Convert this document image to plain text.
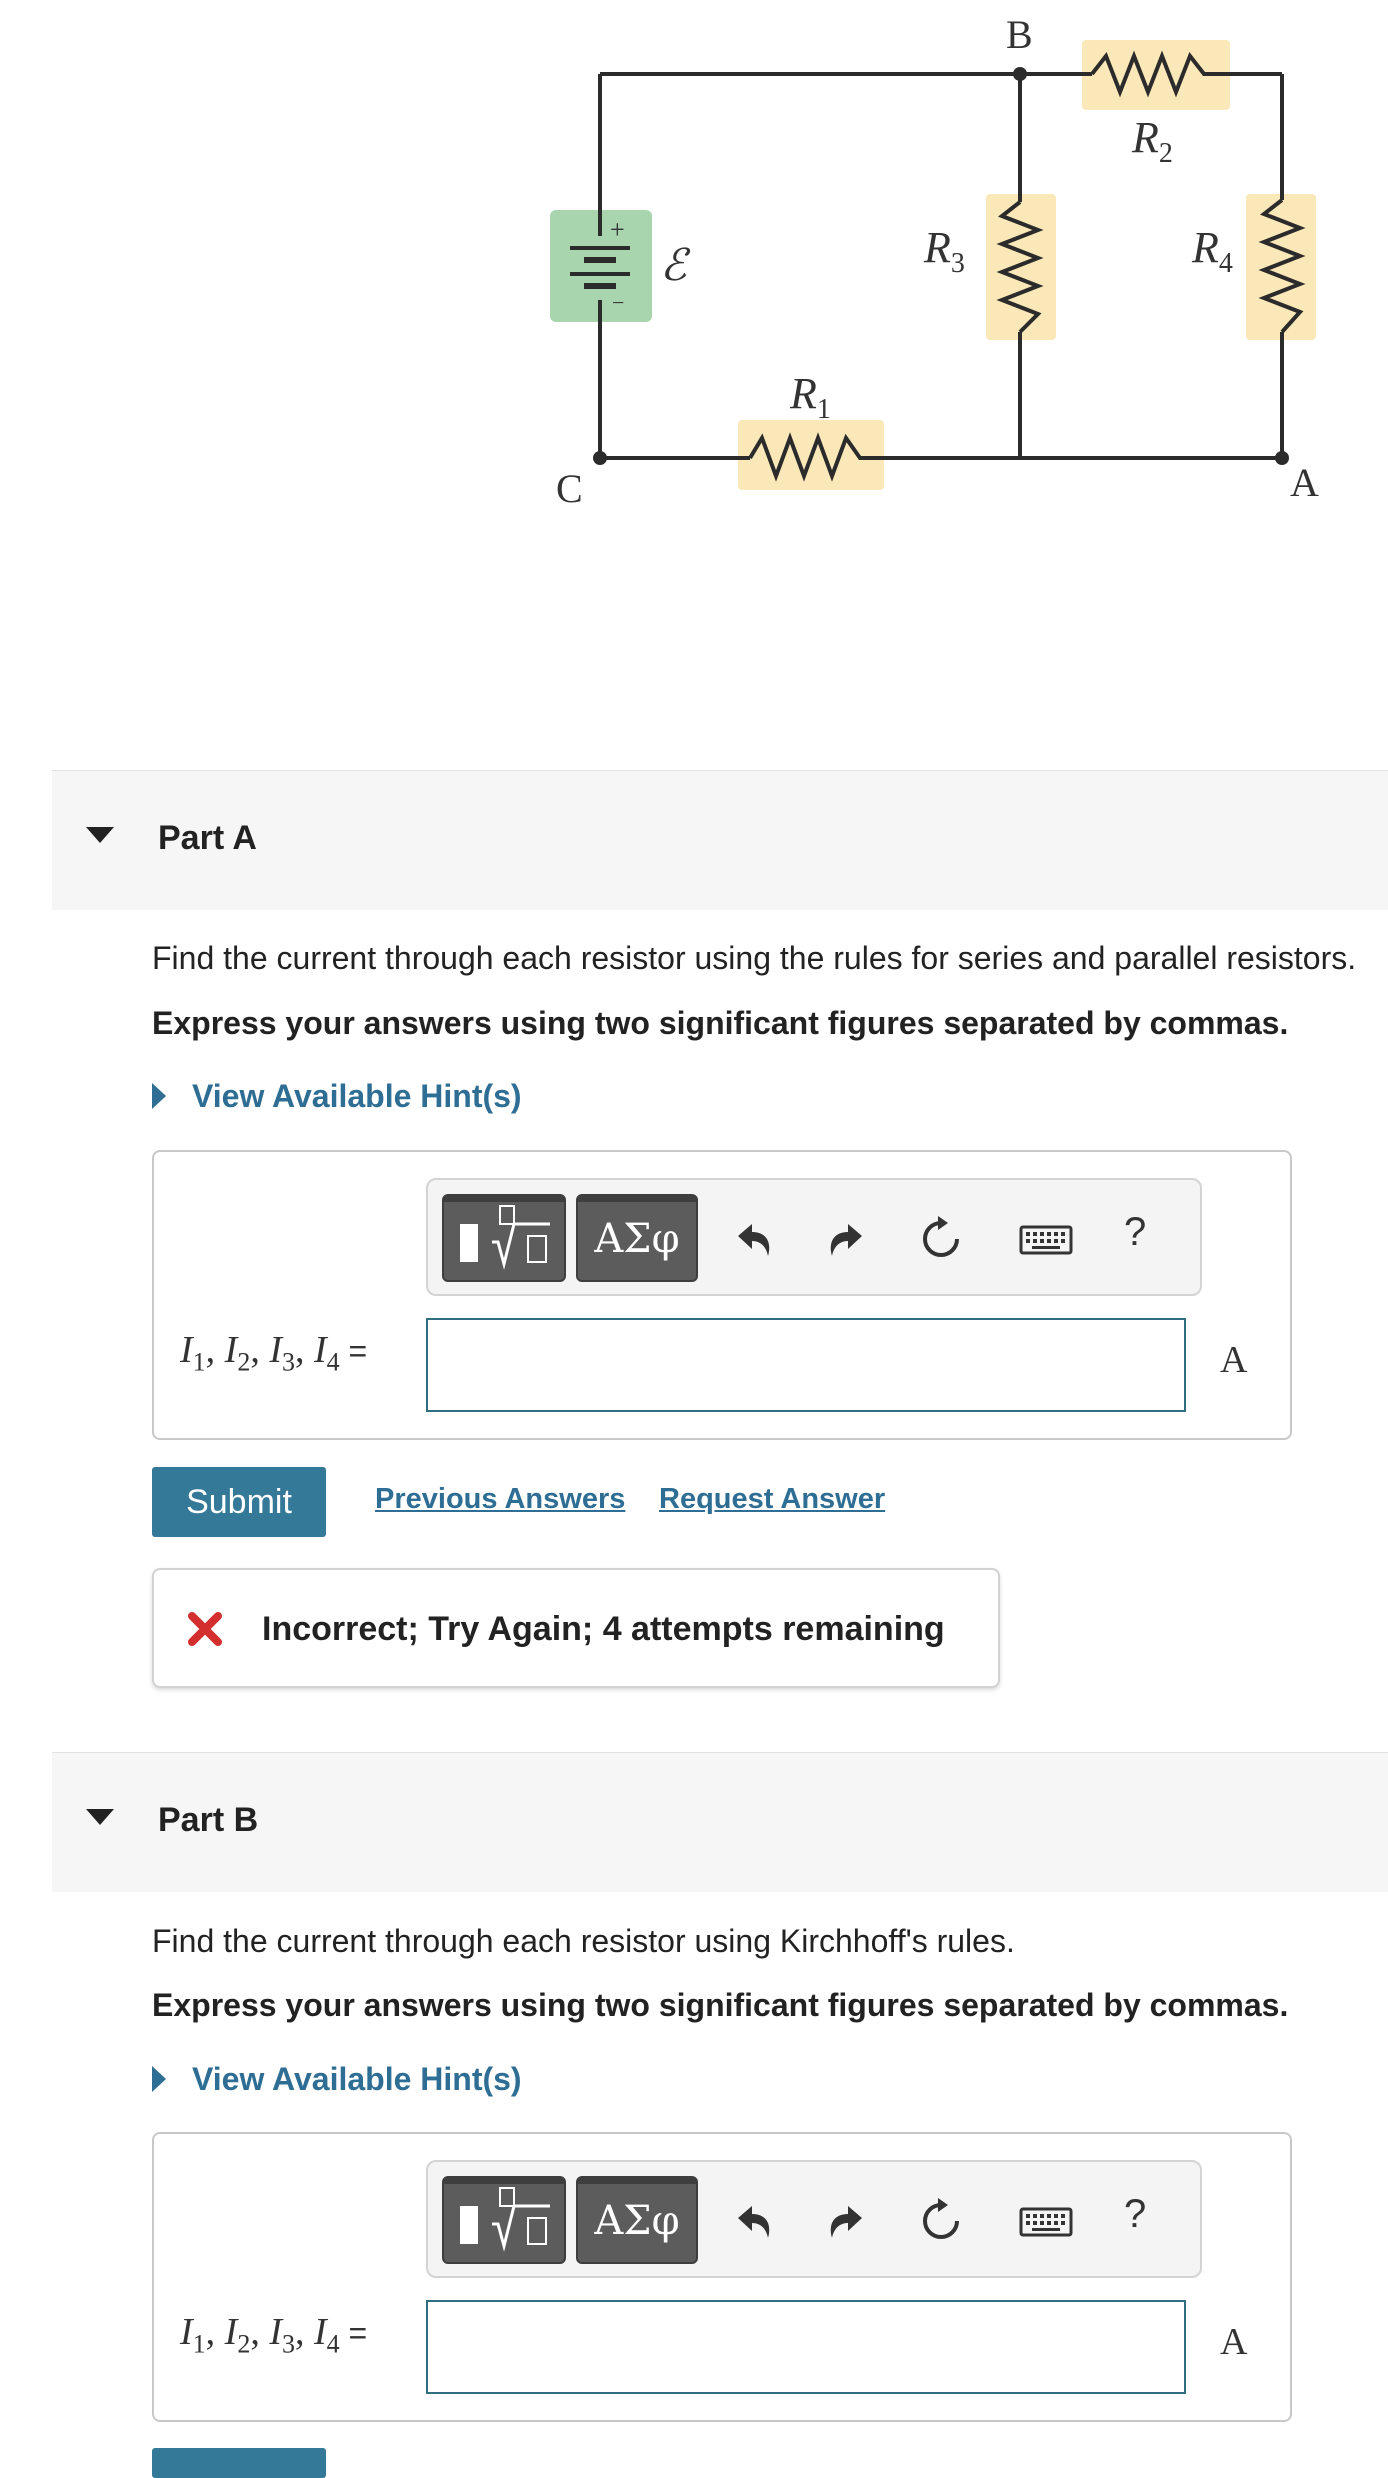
+
−
ℰ
B
C	A
$R_1$
$R_2$
$R_3$	$R_4$
Part A
Find the current through each resistor using the rules for series and parallel resistors.
Express your answers using two significant figures separated by commas.
View Available Hint(s)
ΑΣφ	?
$I_1$, $I_2$, $I_3$, $I_4$ =	A
Submit	Previous Answers Request Answer
Incorrect; Try Again; 4 attempts remaining
Part B
Find the current through each resistor using Kirchhoff's rules.
Express your answers using two significant figures separated by commas.
View Available Hint(s)
ΑΣφ	?
$I_1$, $I_2$, $I_3$, $I_4$ =	A
